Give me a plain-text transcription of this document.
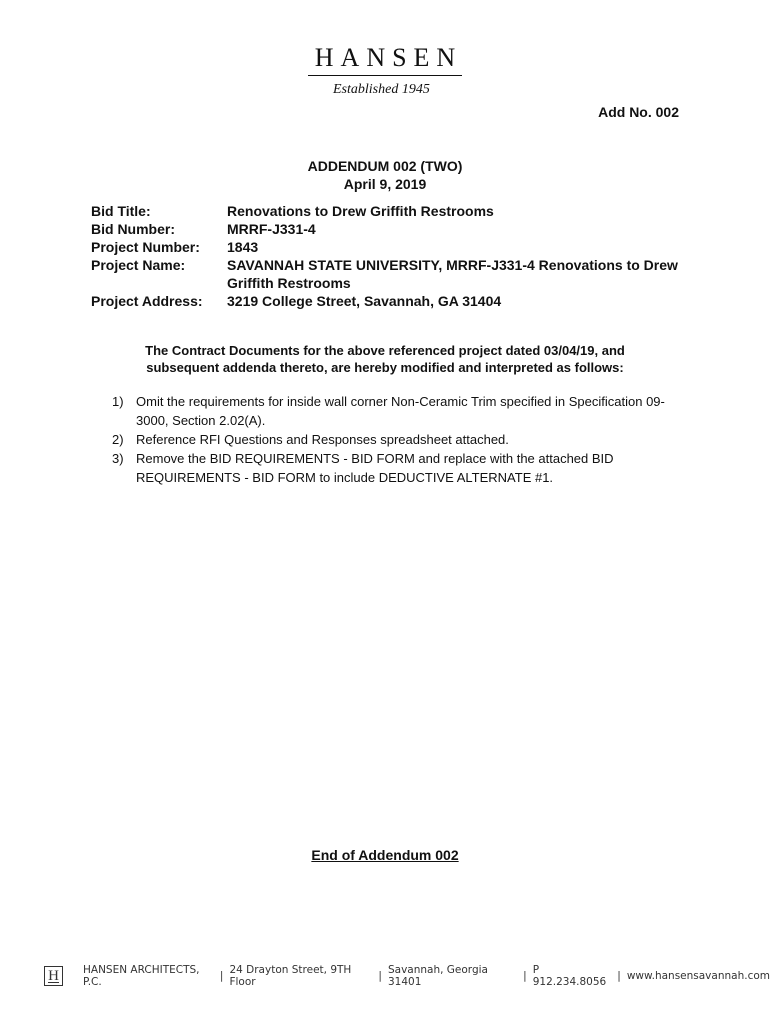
HANSEN
Established 1945
Add No. 002
ADDENDUM 002 (TWO)
April 9, 2019
Bid Title:	Renovations to Drew Griffith Restrooms
Bid Number:	MRRF-J331-4
Project Number:	1843
Project Name:	SAVANNAH STATE UNIVERSITY, MRRF-J331-4 Renovations to Drew Griffith Restrooms
Project Address:	3219 College Street, Savannah, GA 31404
The Contract Documents for the above referenced project dated 03/04/19, and
subsequent addenda thereto, are hereby modified and interpreted as follows:
1) Omit the requirements for inside wall corner Non-Ceramic Trim specified in Specification 09-3000, Section 2.02(A).
2) Reference RFI Questions and Responses spreadsheet attached.
3) Remove the BID REQUIREMENTS - BID FORM and replace with the attached BID REQUIREMENTS - BID FORM to include DEDUCTIVE ALTERNATE #1.
End of Addendum 002
H	HANSEN ARCHITECTS, P.C.	| 24 Drayton Street, 9TH Floor	| Savannah, Georgia 31401	| P 912.234.8056	| www.hansensavannah.com
